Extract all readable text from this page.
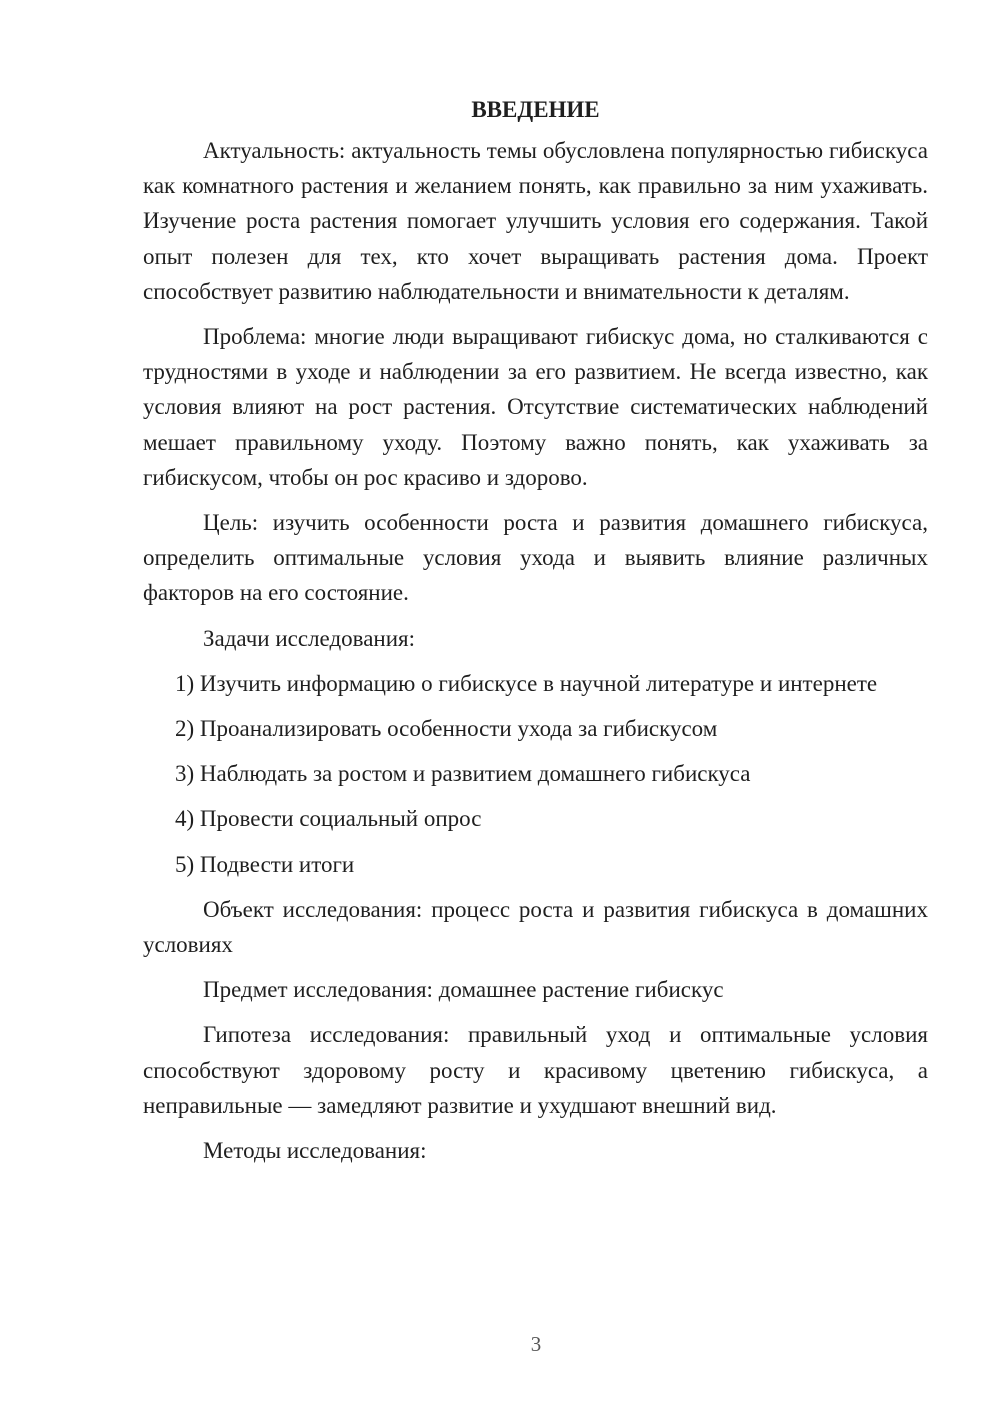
ВВЕДЕНИЕ

Актуальность: актуальность темы обусловлена популярностью гибискуса как комнатного растения и желанием понять, как правильно за ним ухаживать. Изучение роста растения помогает улучшить условия его содержания. Такой опыт полезен для тех, кто хочет выращивать растения дома. Проект способствует развитию наблюдательности и внимательности к деталям.

Проблема: многие люди выращивают гибискус дома, но сталкиваются с трудностями в уходе и наблюдении за его развитием. Не всегда известно, как условия влияют на рост растения. Отсутствие систематических наблюдений мешает правильному уходу. Поэтому важно понять, как ухаживать за гибискусом, чтобы он рос красиво и здорово.

Цель: изучить особенности роста и развития домашнего гибискуса, определить оптимальные условия ухода и выявить влияние различных факторов на его состояние.

Задачи исследования:

1) Изучить информацию о гибискусе в научной литературе и интернете

2) Проанализировать особенности ухода за гибискусом

3) Наблюдать за ростом и развитием домашнего гибискуса

4) Провести социальный опрос

5) Подвести итоги

Объект исследования: процесс роста и развития гибискуса в домашних условиях

Предмет исследования: домашнее растение гибискус

Гипотеза исследования: правильный уход и оптимальные условия способствуют здоровому росту и красивому цветению гибискуса, а неправильные — замедляют развитие и ухудшают внешний вид.

Методы исследования:

3
